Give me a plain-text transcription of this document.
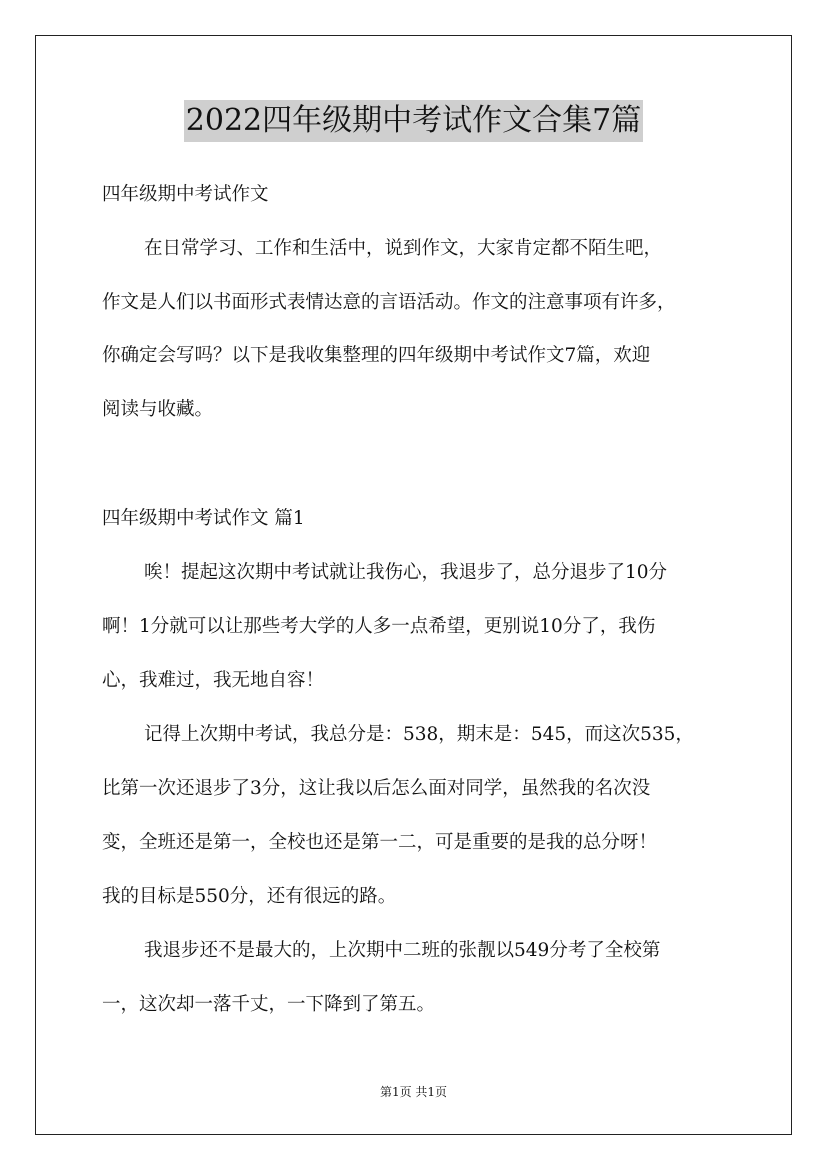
2022四年级期中考试作文合集7篇
四年级期中考试作文
在日常学习、工作和生活中，说到作文，大家肯定都不陌生吧，
作文是人们以书面形式表情达意的言语活动。作文的注意事项有许多，
你确定会写吗？以下是我收集整理的四年级期中考试作文7篇，欢迎
阅读与收藏。
四年级期中考试作文 篇1
唉！提起这次期中考试就让我伤心，我退步了，总分退步了10分
啊！1分就可以让那些考大学的人多一点希望，更别说10分了，我伤
心，我难过，我无地自容！
记得上次期中考试，我总分是：538，期末是：545，而这次535，
比第一次还退步了3分，这让我以后怎么面对同学，虽然我的名次没
变，全班还是第一，全校也还是第一二，可是重要的是我的总分呀！
我的目标是550分，还有很远的路。
我退步还不是最大的，上次期中二班的张靓以549分考了全校第
一，这次却一落千丈，一下降到了第五。
第1页 共1页
